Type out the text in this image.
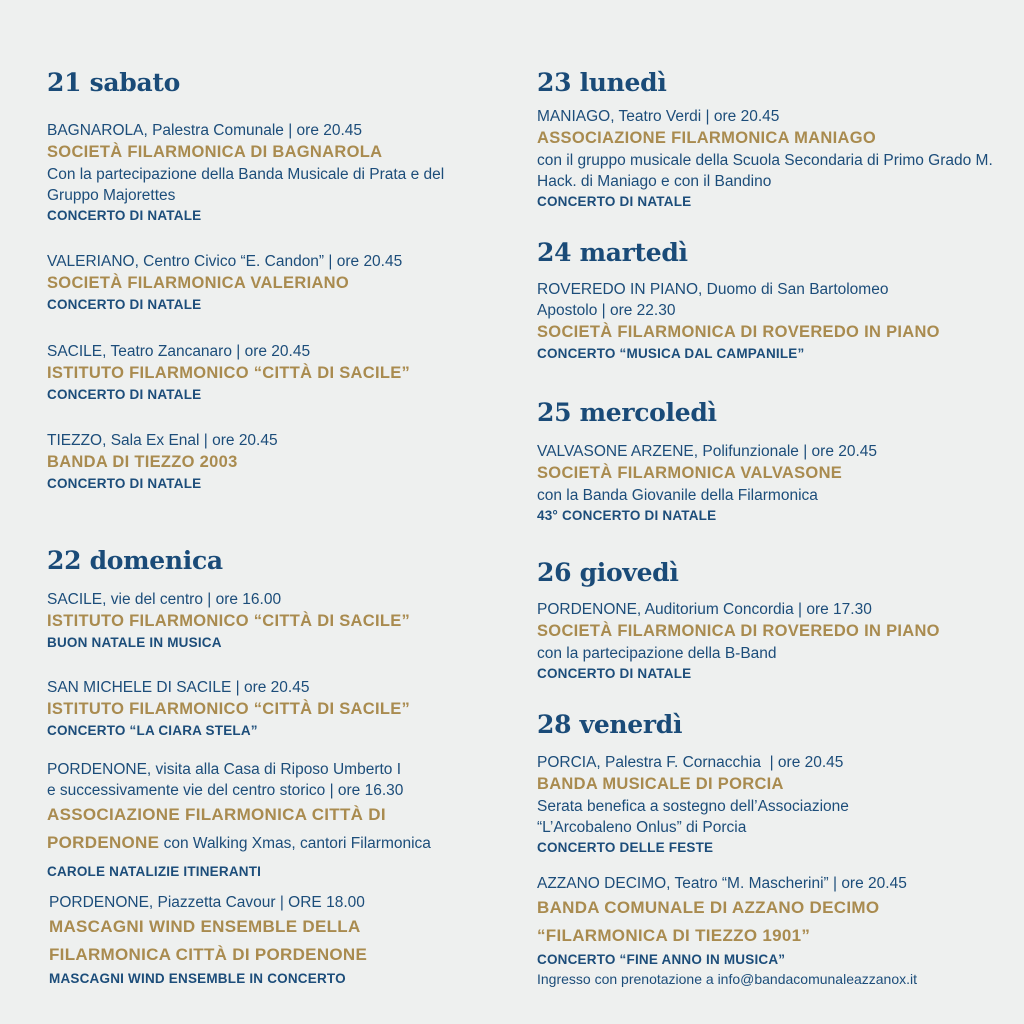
21 sabato
BAGNAROLA, Palestra Comunale | ore 20.45
SOCIETÀ FILARMONICA DI BAGNAROLA
Con la partecipazione della Banda Musicale di Prata e del Gruppo Majorettes
CONCERTO DI NATALE
VALERIANO, Centro Civico “E. Candon” | ore 20.45
SOCIETÀ FILARMONICA VALERIANO
CONCERTO DI NATALE
SACILE, Teatro Zancanaro | ore 20.45
ISTITUTO FILARMONICO “CITTÀ DI SACILE”
CONCERTO DI NATALE
TIEZZO, Sala Ex Enal | ore 20.45
BANDA DI TIEZZO 2003
CONCERTO DI NATALE
22 domenica
SACILE, vie del centro | ore 16.00
ISTITUTO FILARMONICO “CITTÀ DI SACILE”
BUON NATALE IN MUSICA
SAN MICHELE DI SACILE | ore 20.45
ISTITUTO FILARMONICO “CITTÀ DI SACILE”
CONCERTO “LA CIARA STELA”
PORDENONE, visita alla Casa di Riposo Umberto I
e successivamente vie del centro storico | ore 16.30
ASSOCIAZIONE FILARMONICA CITTÀ DI
PORDENONE con Walking Xmas, cantori Filarmonica
CAROLE NATALIZIE ITINERANTI
PORDENONE, Piazzetta Cavour | ORE 18.00
MASCAGNI WIND ENSEMBLE DELLA
FILARMONICA CITTÀ DI PORDENONE
MASCAGNI WIND ENSEMBLE IN CONCERTO
23 lunedì
MANIAGO, Teatro Verdi | ore 20.45
ASSOCIAZIONE FILARMONICA MANIAGO
con il gruppo musicale della Scuola Secondaria di Primo Grado M. Hack. di Maniago e con il Bandino
CONCERTO DI NATALE
24 martedì
ROVEREDO IN PIANO, Duomo di San Bartolomeo
Apostolo | ore 22.30
SOCIETÀ FILARMONICA DI ROVEREDO IN PIANO
CONCERTO “MUSICA DAL CAMPANILE”
25 mercoledì
VALVASONE ARZENE, Polifunzionale | ore 20.45
SOCIETÀ FILARMONICA VALVASONE
con la Banda Giovanile della Filarmonica
43° CONCERTO DI NATALE
26 giovedì
PORDENONE, Auditorium Concordia | ore 17.30
SOCIETÀ FILARMONICA DI ROVEREDO IN PIANO
con la partecipazione della B-Band
CONCERTO DI NATALE
28 venerdì
PORCIA, Palestra F. Cornacchia  | ore 20.45
BANDA MUSICALE DI PORCIA
Serata benefica a sostegno dell’Associazione
“L’Arcobaleno Onlus” di Porcia
CONCERTO DELLE FESTE
AZZANO DECIMO, Teatro “M. Mascherini” | ore 20.45
BANDA COMUNALE DI AZZANO DECIMO
“FILARMONICA DI TIEZZO 1901”
CONCERTO “FINE ANNO IN MUSICA”
Ingresso con prenotazione a info@bandacomunaleazzanox.it
